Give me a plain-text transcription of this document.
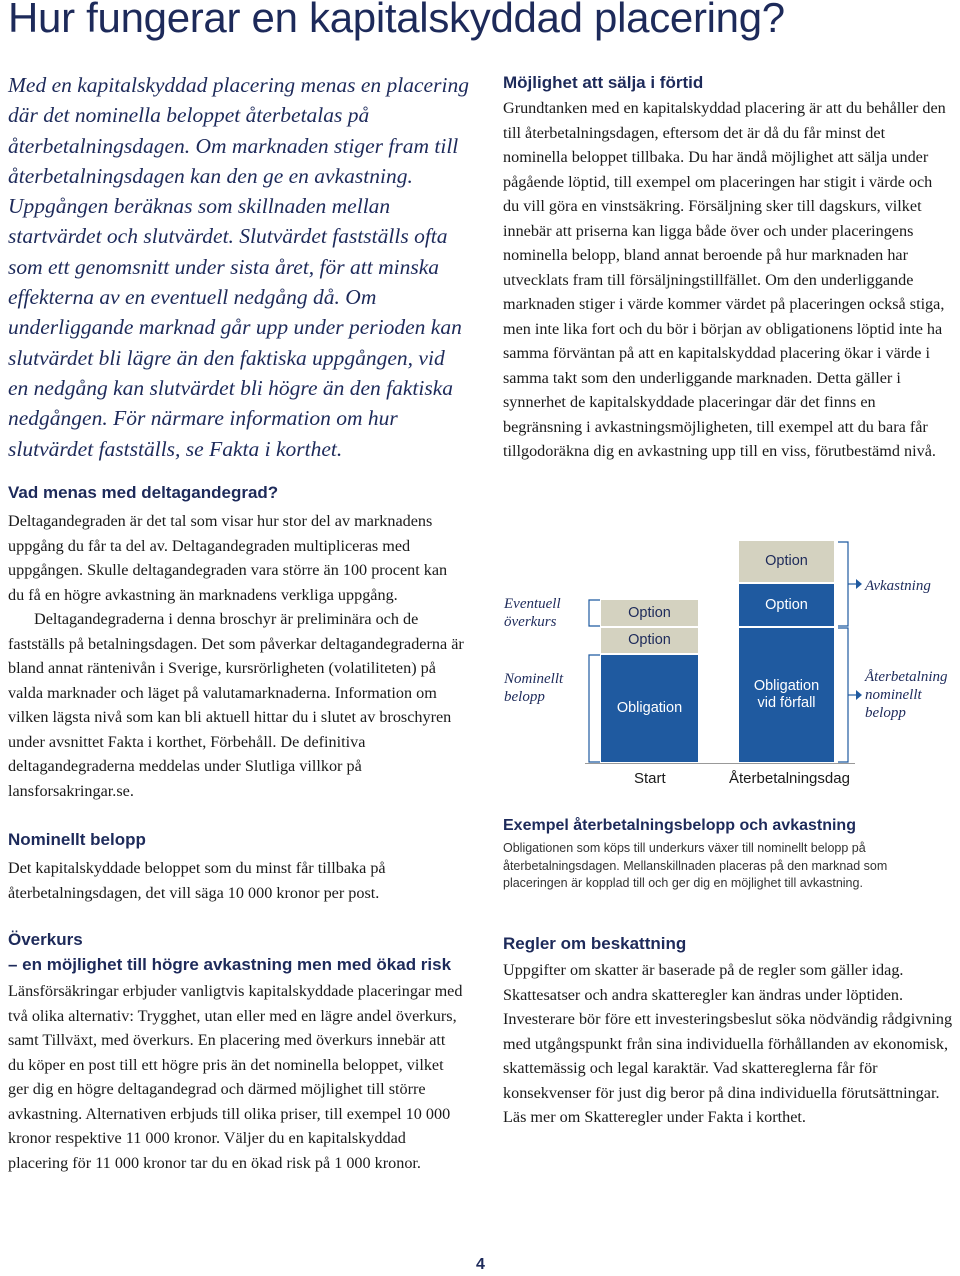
Hur fungerar en kapitalskyddad placering?

Med en kapitalskyddad placering menas en placering där det nominella beloppet återbetalas på återbetalningsdagen. Om marknaden stiger fram till återbetalningsdagen kan den ge en avkastning. Uppgången beräknas som skillnaden mellan startvärdet och slutvärdet. Slutvärdet fastställs ofta som ett genomsnitt under sista året, för att minska effekterna av en eventuell nedgång då. Om underliggande marknad går upp under perioden kan slutvärdet bli lägre än den faktiska uppgången, vid en nedgång kan slutvärdet bli högre än den faktiska nedgången. För närmare information om hur slutvärdet fastställs, se Fakta i korthet.

Vad menas med deltagandegrad?

Deltagandegraden är det tal som visar hur stor del av marknadens uppgång du får ta del av. Deltagandegraden multipliceras med uppgången. Skulle deltagandegraden vara större än 100 procent kan du få en högre avkastning än marknadens verkliga uppgång.

Deltagandegraderna i denna broschyr är preliminära och de fastställs på betalningsdagen. Det som påverkar deltagandegraderna är bland annat räntenivån i Sverige, kursrörligheten (volatiliteten) på valda marknader och läget på valutamarknaderna. Information om vilken lägsta nivå som kan bli aktuell hittar du i slutet av broschyren under avsnittet Fakta i korthet, Förbehåll. De definitiva deltagandegraderna meddelas under Slutliga villkor på lansforsakringar.se.

Nominellt belopp

Det kapitalskyddade beloppet som du minst får tillbaka på återbetalningsdagen, det vill säga 10 000 kronor per post.

Överkurs
– en möjlighet till högre avkastning men med ökad risk

Länsförsäkringar erbjuder vanligtvis kapitalskyddade placeringar med två olika alternativ: Trygghet, utan eller med en lägre andel överkurs, samt Tillväxt, med överkurs. En placering med överkurs innebär att du köper en post till ett högre pris än det nominella beloppet, vilket ger dig en högre deltagandegrad och därmed möjlighet till större avkastning. Alternativen erbjuds till olika priser, till exempel 10 000 kronor respektive 11 000 kronor. Väljer du en kapitalskyddad placering för 11 000 kronor tar du en ökad risk på 1 000 kronor.

Möjlighet att sälja i förtid

Grundtanken med en kapitalskyddad placering är att du behåller den till återbetalningsdagen, eftersom det är då du får minst det nominella beloppet tillbaka. Du har ändå möjlighet att sälja under pågående löptid, till exempel om placeringen har stigit i värde och du vill göra en vinstsäkring. Försäljning sker till dagskurs, vilket innebär att priserna kan ligga både över och under placeringens nominella belopp, bland annat beroende på hur marknaden har utvecklats fram till försäljningstillfället. Om den underliggande marknaden stiger i värde kommer värdet på placeringen också stiga, men inte lika fort och du bör i början av obligationens löptid inte ha samma förväntan på att en kapitalskyddad placering ökar i värde i samma takt som den underliggande marknaden. Detta gäller i synnerhet de kapitalskyddade placeringar där det finns en begränsning i avkastningsmöjligheten, till exempel att du bara får tillgodoräkna dig en avkastning upp till en viss, förutbestämd nivå.

Option
Option
Obligation
Option
Option
Obligation vid förfall

Eventuell överkurs

Nominellt belopp

Avkastning

Återbetalning nominellt belopp

Start	Återbetalningsdag

Exempel återbetalningsbelopp och avkastning

Obligationen som köps till underkurs växer till nominellt belopp på återbetalningsdagen. Mellanskillnaden placeras på den marknad som placeringen är kopplad till och ger dig en möjlighet till avkastning.

Regler om beskattning

Uppgifter om skatter är baserade på de regler som gäller idag. Skattesatser och andra skatteregler kan ändras under löptiden. Investerare bör före ett investeringsbeslut söka nödvändig rådgivning med utgångspunkt från sina individuella förhållanden av ekonomisk, skattemässig och legal karaktär. Vad skattereglerna får för konsekvenser för just dig beror på dina individuella förutsättningar. Läs mer om Skatteregler under Fakta i korthet.

4
